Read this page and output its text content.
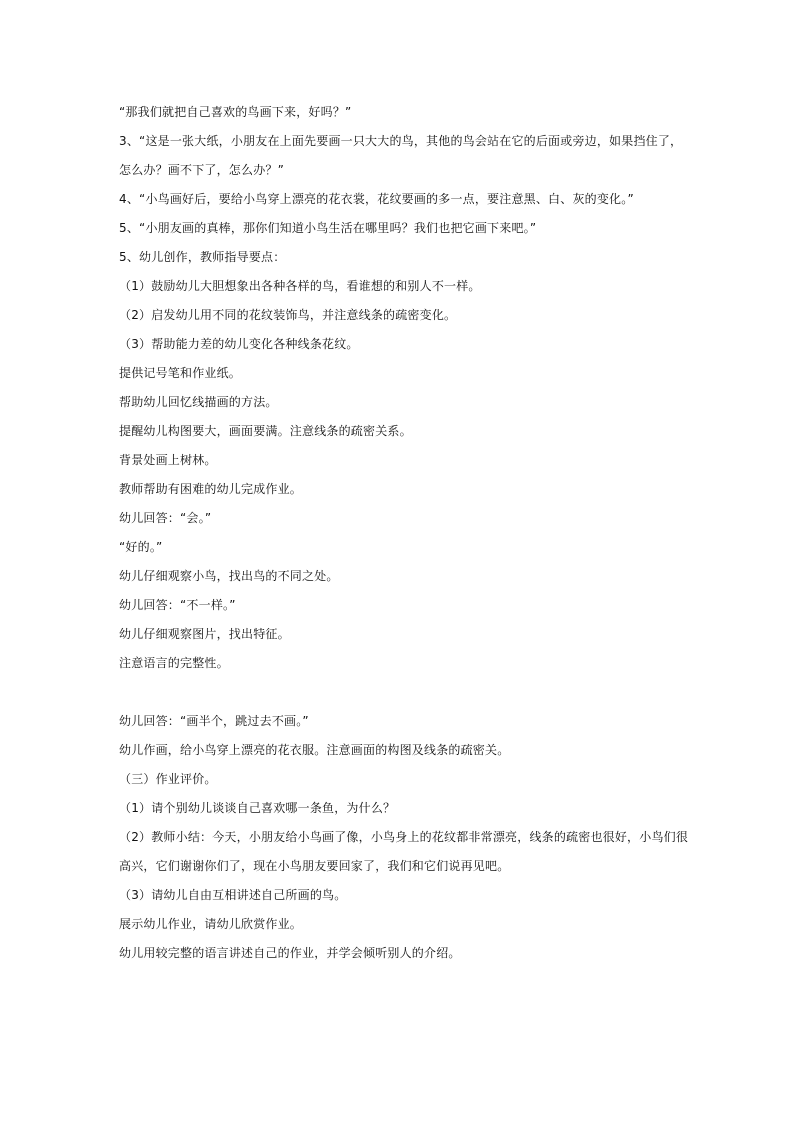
“那我们就把自己喜欢的鸟画下来，好吗？”
3、“这是一张大纸，小朋友在上面先要画一只大大的鸟，其他的鸟会站在它的后面或旁边，如果挡住了，
怎么办？画不下了，怎么办？”
4、“小鸟画好后，要给小鸟穿上漂亮的花衣裳，花纹要画的多一点，要注意黑、白、灰的变化。”
5、“小朋友画的真棒，那你们知道小鸟生活在哪里吗？我们也把它画下来吧。”
5、幼儿创作，教师指导要点：
（1）鼓励幼儿大胆想象出各种各样的鸟，看谁想的和别人不一样。
（2）启发幼儿用不同的花纹装饰鸟，并注意线条的疏密变化。
（3）帮助能力差的幼儿变化各种线条花纹。
提供记号笔和作业纸。
帮助幼儿回忆线描画的方法。
提醒幼儿构图要大，画面要满。注意线条的疏密关系。
背景处画上树林。
教师帮助有困难的幼儿完成作业。
幼儿回答：“会。”
“好的。”
幼儿仔细观察小鸟，找出鸟的不同之处。
幼儿回答：“不一样。”
幼儿仔细观察图片，找出特征。
注意语言的完整性。
幼儿回答：“画半个，跳过去不画。”
幼儿作画，给小鸟穿上漂亮的花衣服。注意画面的构图及线条的疏密关。
（三）作业评价。
（1）请个别幼儿谈谈自己喜欢哪一条鱼，为什么？
（2）教师小结：今天，小朋友给小鸟画了像，小鸟身上的花纹都非常漂亮，线条的疏密也很好，小鸟们很
高兴，它们谢谢你们了，现在小鸟朋友要回家了，我们和它们说再见吧。
（3）请幼儿自由互相讲述自己所画的鸟。
展示幼儿作业，请幼儿欣赏作业。
幼儿用较完整的语言讲述自己的作业，并学会倾听别人的介绍。
